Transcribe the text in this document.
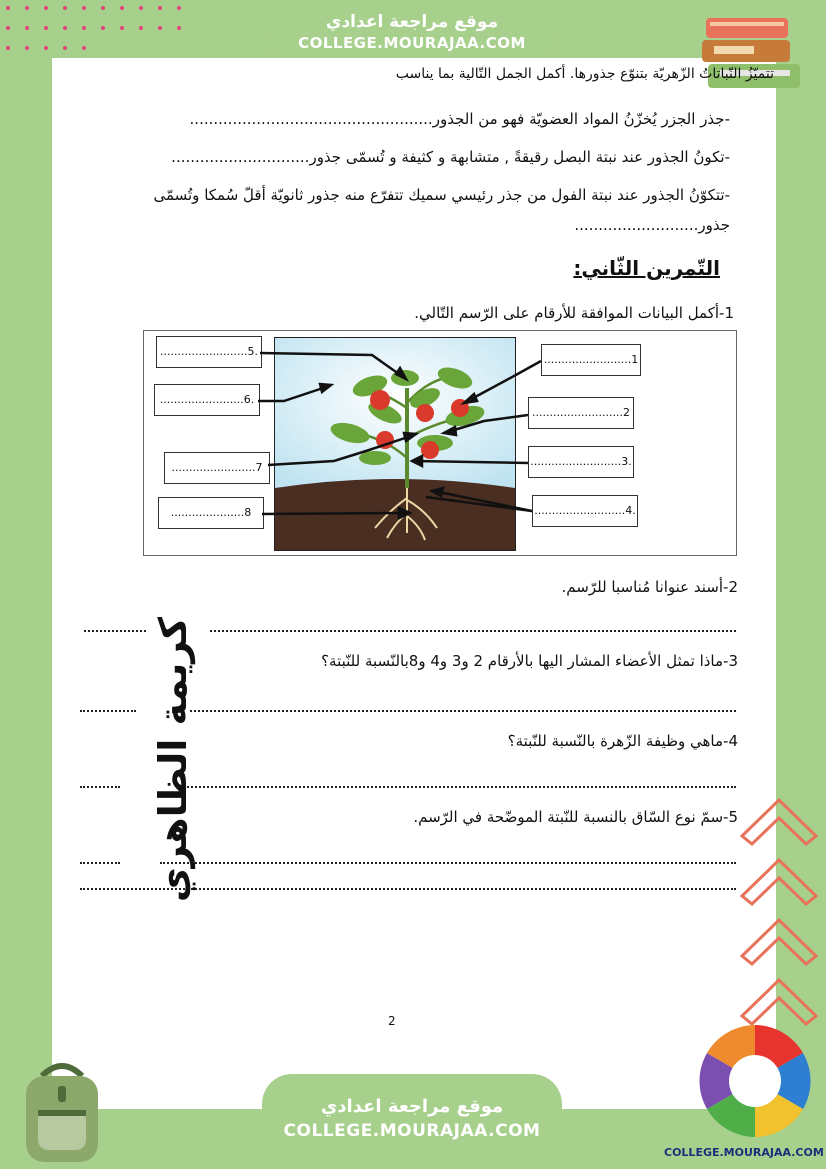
موقع مراجعة اعدادي
COLLEGE.MOURAJAA.COM
تتميّزُ النّباتاتُ الزّهريّة بتنوّع جذورها. أكمل الجمل التّالية بما يناسب
-جذر الجزر يُخزّنُ المواد العضويّة فهو من الجذور...................................................
-تكونُ الجذور عند نبتة البصل رقيقةً , متشابهة و كثيفة و تُسمّى جذور.............................
-تتكوّنُ الجذور عند نبتة الفول من جذر رئيسي سميك تتفرّع منه جذور ثانويّة أقلّ سُمكا وتُسمّى
جذور..........................
التّمرين الثّاني:
1-أكمل البيانات الموافقة للأرقام على الرّسم التّالي.
.........................1
..........................2
..........................3.
..........................4.
.........................5.
........................6.
........................7
.....................8
2-أسند عنوانا مُناسبا للرّسم.
3-ماذا تمثل الأعضاء المشار اليها بالأرقام 2 و3 و4 و8بالنّسبة للنّبتة؟
4-ماهي وظيفة الزّهرة بالنّسبة للنّبتة؟
5-سمّ نوع السّاق بالنسبة للنّبتة الموضّحة في الرّسم.
كريمة الظاهري
2
موقع مراجعة اعدادي
COLLEGE.MOURAJAA.COM
COLLEGE.MOURAJAA.COM
